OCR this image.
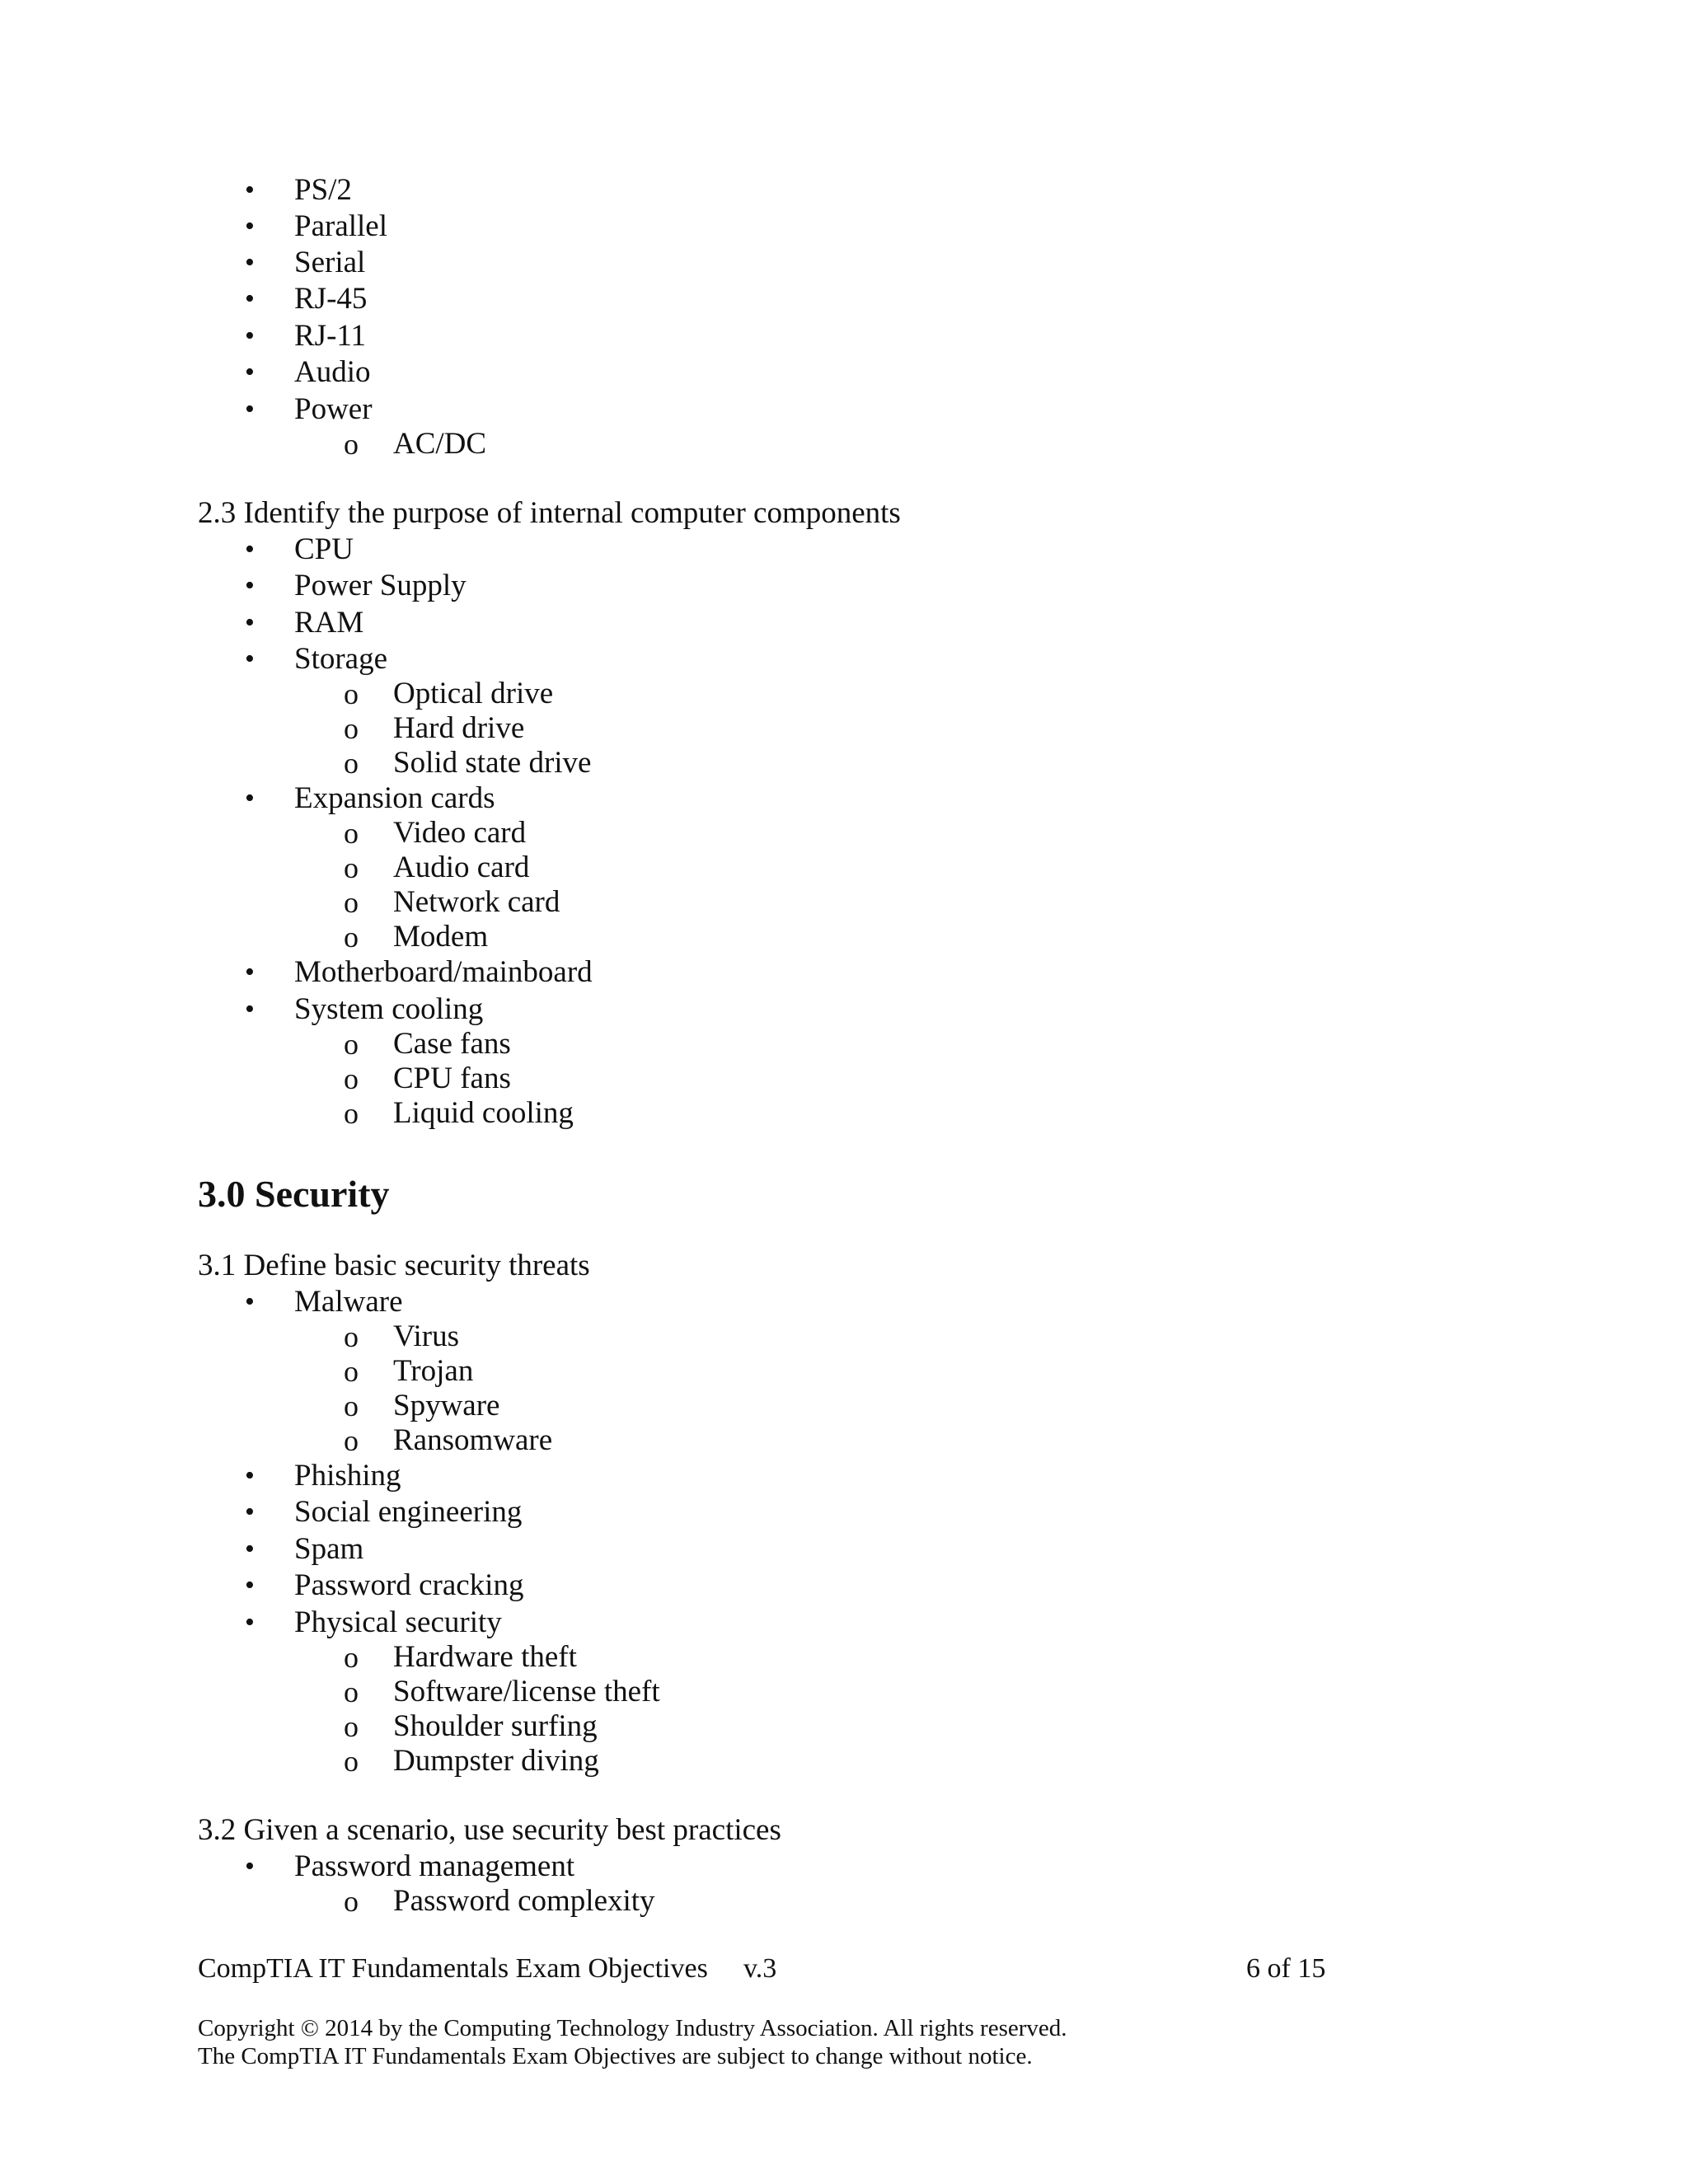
• PS/2
• Parallel
• Serial
• RJ-45
• RJ-11
• Audio
• Power
o AC/DC
2.3 Identify the purpose of internal computer components
• CPU
• Power Supply
• RAM
• Storage
o Optical drive
o Hard drive
o Solid state drive
• Expansion cards
o Video card
o Audio card
o Network card
o Modem
• Motherboard/mainboard
• System cooling
o Case fans
o CPU fans
o Liquid cooling
3.0 Security
3.1 Define basic security threats
• Malware
o Virus
o Trojan
o Spyware
o Ransomware
• Phishing
• Social engineering
• Spam
• Password cracking
• Physical security
o Hardware theft
o Software/license theft
o Shoulder surfing
o Dumpster diving
3.2 Given a scenario, use security best practices
• Password management
o Password complexity
CompTIA IT Fundamentals Exam Objectives v.3	6 of 15
Copyright © 2014 by the Computing Technology Industry Association. All rights reserved.
The CompTIA IT Fundamentals Exam Objectives are subject to change without notice.
